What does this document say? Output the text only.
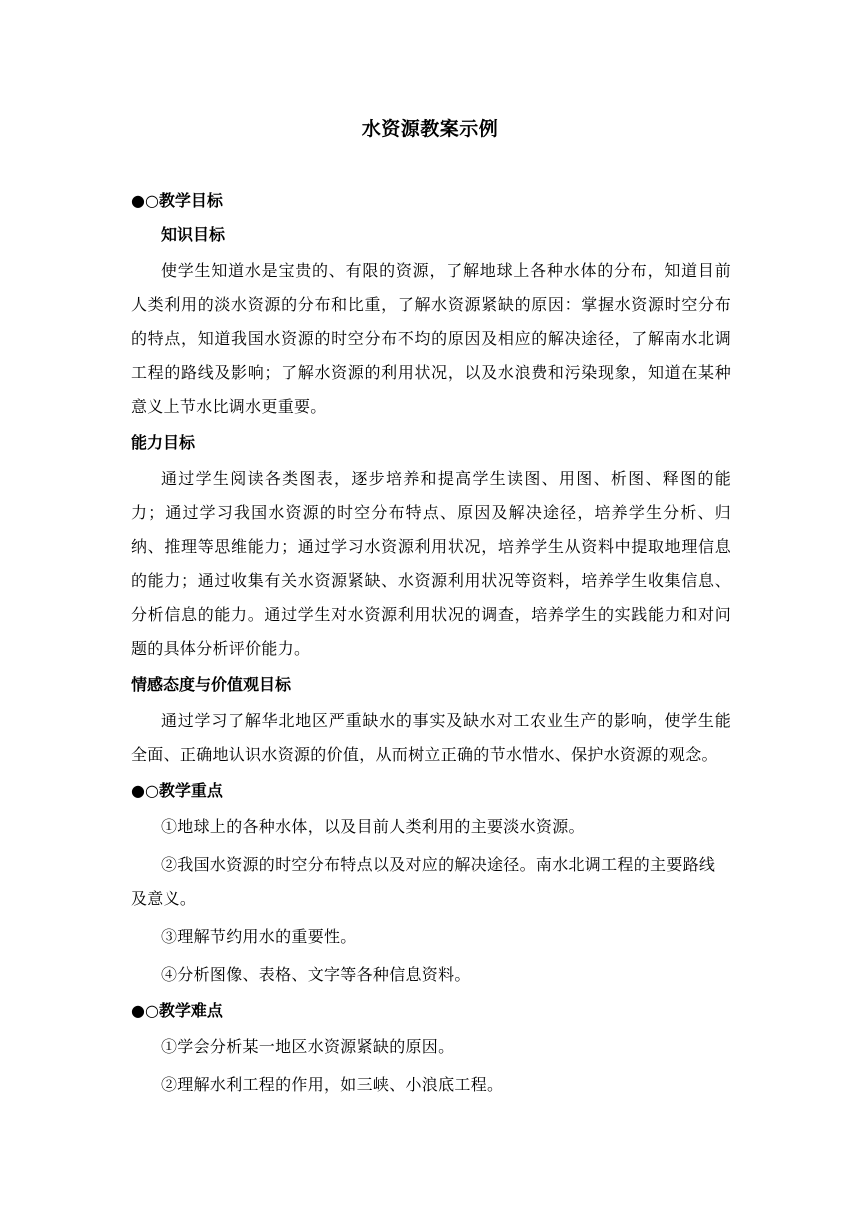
水资源教案示例
●○教学目标
知识目标

使学生知道水是宝贵的、有限的资源，了解地球上各种水体的分布，知道目前人类利用的淡水资源的分布和比重，了解水资源紧缺的原因：掌握水资源时空分布的特点，知道我国水资源的时空分布不均的原因及相应的解决途径，了解南水北调工程的路线及影响；了解水资源的利用状况，以及水浪费和污染现象，知道在某种意义上节水比调水更重要。

能力目标

通过学生阅读各类图表，逐步培养和提高学生读图、用图、析图、释图的能力；通过学习我国水资源的时空分布特点、原因及解决途径，培养学生分析、归纳、推理等思维能力；通过学习水资源利用状况，培养学生从资料中提取地理信息的能力；通过收集有关水资源紧缺、水资源利用状况等资料，培养学生收集信息、分析信息的能力。通过学生对水资源利用状况的调查，培养学生的实践能力和对问题的具体分析评价能力。

情感态度与价值观目标

通过学习了解华北地区严重缺水的事实及缺水对工农业生产的影响，使学生能全面、正确地认识水资源的价值，从而树立正确的节水惜水、保护水资源的观念。

●○教学重点

①地球上的各种水体，以及目前人类利用的主要淡水资源。

②我国水资源的时空分布特点以及对应的解决途径。南水北调工程的主要路线及意义。

③理解节约用水的重要性。

④分析图像、表格、文字等各种信息资料。

●○教学难点

①学会分析某一地区水资源紧缺的原因。

②理解水利工程的作用，如三峡、小浪底工程。
